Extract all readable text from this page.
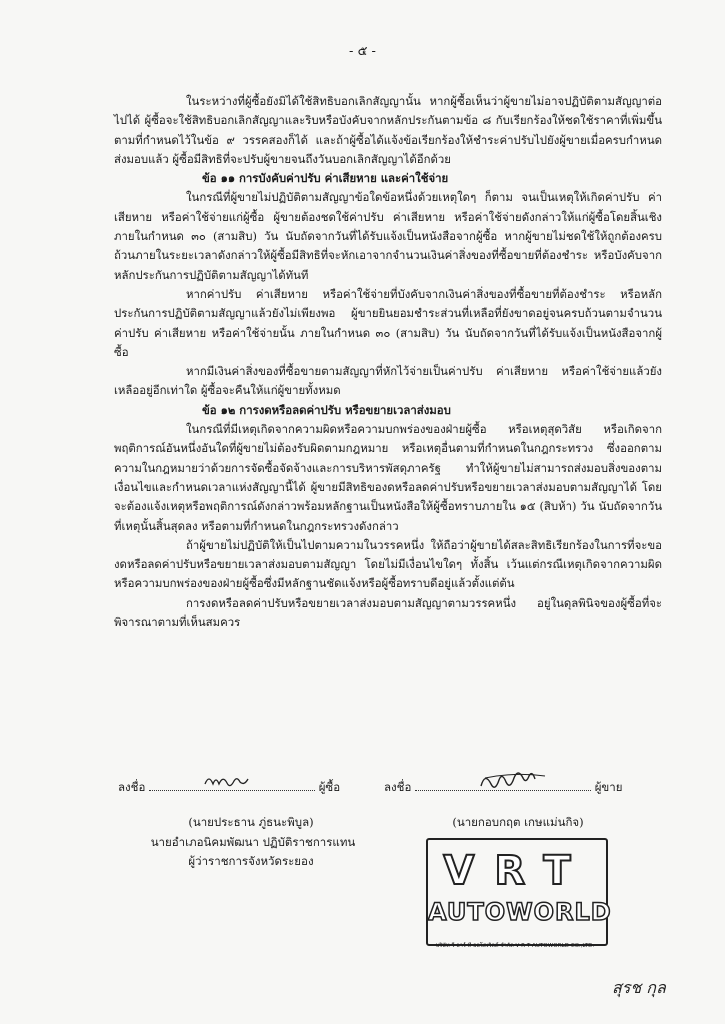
- ๕ -

ในระหว่างที่ผู้ซื้อยังมิได้ใช้สิทธิบอกเลิกสัญญานั้น หากผู้ซื้อเห็นว่าผู้ขายไม่อาจปฏิบัติตามสัญญาต่อไปได้ ผู้ซื้อจะใช้สิทธิบอกเลิกสัญญาและริบหรือบังคับจากหลักประกันตามข้อ ๘ กับเรียกร้องให้ชดใช้ราคาที่เพิ่มขึ้นตามที่กำหนดไว้ในข้อ ๙ วรรคสองก็ได้ และถ้าผู้ซื้อได้แจ้งข้อเรียกร้องให้ชำระค่าปรับไปยังผู้ขายเมื่อครบกำหนดส่งมอบแล้ว ผู้ซื้อมีสิทธิที่จะปรับผู้ขายจนถึงวันบอกเลิกสัญญาได้อีกด้วย

ข้อ ๑๑ การบังคับค่าปรับ ค่าเสียหาย และค่าใช้จ่าย

ในกรณีที่ผู้ขายไม่ปฏิบัติตามสัญญาข้อใดข้อหนึ่งด้วยเหตุใดๆ ก็ตาม จนเป็นเหตุให้เกิดค่าปรับ ค่าเสียหาย หรือค่าใช้จ่ายแก่ผู้ซื้อ ผู้ขายต้องชดใช้ค่าปรับ ค่าเสียหาย หรือค่าใช้จ่ายดังกล่าวให้แก่ผู้ซื้อโดยสิ้นเชิงภายในกำหนด ๓๐ (สามสิบ) วัน นับถัดจากวันที่ได้รับแจ้งเป็นหนังสือจากผู้ซื้อ หากผู้ขายไม่ชดใช้ให้ถูกต้องครบถ้วนภายในระยะเวลาดังกล่าวให้ผู้ซื้อมีสิทธิที่จะหักเอาจากจำนวนเงินค่าสิ่งของที่ซื้อขายที่ต้องชำระ หรือบังคับจากหลักประกันการปฏิบัติตามสัญญาได้ทันที

หากค่าปรับ ค่าเสียหาย หรือค่าใช้จ่ายที่บังคับจากเงินค่าสิ่งของที่ซื้อขายที่ต้องชำระ หรือหลักประกันการปฏิบัติตามสัญญาแล้วยังไม่เพียงพอ ผู้ขายยินยอมชำระส่วนที่เหลือที่ยังขาดอยู่จนครบถ้วนตามจำนวนค่าปรับ ค่าเสียหาย หรือค่าใช้จ่ายนั้น ภายในกำหนด ๓๐ (สามสิบ) วัน นับถัดจากวันที่ได้รับแจ้งเป็นหนังสือจากผู้ซื้อ

หากมีเงินค่าสิ่งของที่ซื้อขายตามสัญญาที่หักไว้จ่ายเป็นค่าปรับ ค่าเสียหาย หรือค่าใช้จ่ายแล้วยังเหลืออยู่อีกเท่าใด ผู้ซื้อจะคืนให้แก่ผู้ขายทั้งหมด

ข้อ ๑๒ การงดหรือลดค่าปรับ หรือขยายเวลาส่งมอบ

ในกรณีที่มีเหตุเกิดจากความผิดหรือความบกพร่องของฝ่ายผู้ซื้อ หรือเหตุสุดวิสัย หรือเกิดจากพฤติการณ์อันหนึ่งอันใดที่ผู้ขายไม่ต้องรับผิดตามกฎหมาย หรือเหตุอื่นตามที่กำหนดในกฎกระทรวง ซึ่งออกตามความในกฎหมายว่าด้วยการจัดซื้อจัดจ้างและการบริหารพัสดุภาครัฐ ทำให้ผู้ขายไม่สามารถส่งมอบสิ่งของตามเงื่อนไขและกำหนดเวลาแห่งสัญญานี้ได้ ผู้ขายมีสิทธิของดหรือลดค่าปรับหรือขยายเวลาส่งมอบตามสัญญาได้ โดยจะต้องแจ้งเหตุหรือพฤติการณ์ดังกล่าวพร้อมหลักฐานเป็นหนังสือให้ผู้ซื้อทราบภายใน ๑๕ (สิบห้า) วัน นับถัดจากวันที่เหตุนั้นสิ้นสุดลง หรือตามที่กำหนดในกฎกระทรวงดังกล่าว

ถ้าผู้ขายไม่ปฏิบัติให้เป็นไปตามความในวรรคหนึ่ง ให้ถือว่าผู้ขายได้สละสิทธิเรียกร้องในการที่จะของดหรือลดค่าปรับหรือขยายเวลาส่งมอบตามสัญญา โดยไม่มีเงื่อนไขใดๆ ทั้งสิ้น เว้นแต่กรณีเหตุเกิดจากความผิดหรือความบกพร่องของฝ่ายผู้ซื้อซึ่งมีหลักฐานชัดแจ้งหรือผู้ซื้อทราบดีอยู่แล้วตั้งแต่ต้น

การงดหรือลดค่าปรับหรือขยายเวลาส่งมอบตามสัญญาตามวรรคหนึ่ง อยู่ในดุลพินิจของผู้ซื้อที่จะพิจารณาตามที่เห็นสมควร

ลงชื่อ	ผู้ซื้อ	ลงชื่อ	ผู้ขาย
(นายประธาน ภู่ธนะพิบูล)
นายอำเภอนิคมพัฒนา ปฏิบัติราชการแทน
ผู้ว่าราชการจังหวัดระยอง
(นายกอบกฤต เกษแม่นกิจ)
VRT
AUTOWORLD
บริษัท วี อาร์ ที ออโตเวิลด์ จำกัด V R T AUTOWORLD CO.,LTD.
สุรช กุล
